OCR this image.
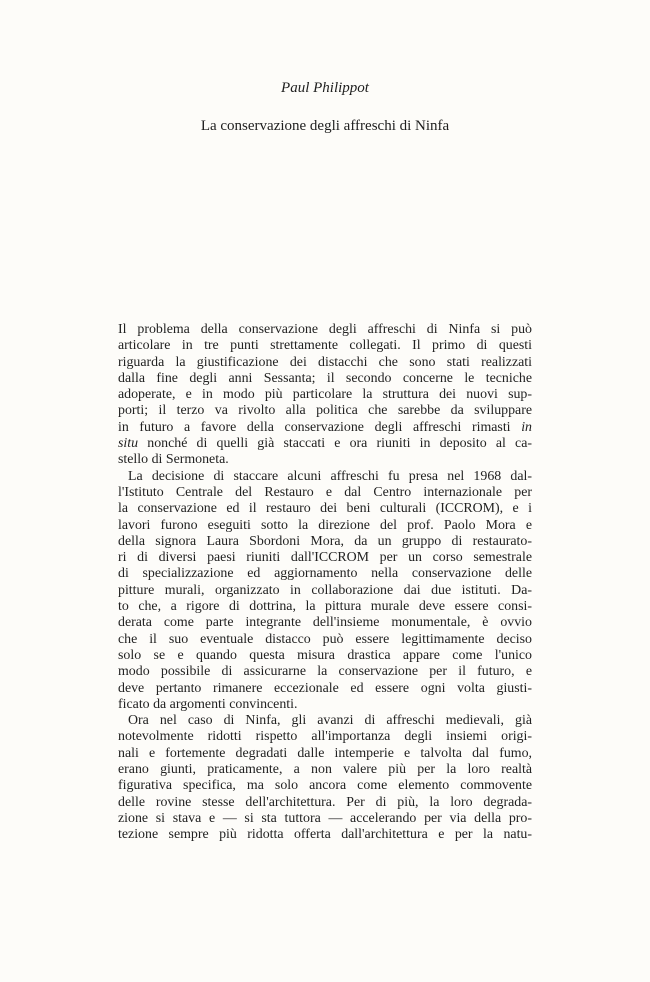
Paul Philippot
La conservazione degli affreschi di Ninfa
Il problema della conservazione degli affreschi di Ninfa si può
articolare in tre punti strettamente collegati. Il primo di questi
riguarda la giustificazione dei distacchi che sono stati realizzati
dalla fine degli anni Sessanta; il secondo concerne le tecniche
adoperate, e in modo più particolare la struttura dei nuovi sup-
porti; il terzo va rivolto alla politica che sarebbe da sviluppare
in futuro a favore della conservazione degli affreschi rimasti in
situ nonché di quelli già staccati e ora riuniti in deposito al ca-
stello di Sermoneta.
La decisione di staccare alcuni affreschi fu presa nel 1968 dal-
l'Istituto Centrale del Restauro e dal Centro internazionale per
la conservazione ed il restauro dei beni culturali (ICCROM), e i
lavori furono eseguiti sotto la direzione del prof. Paolo Mora e
della signora Laura Sbordoni Mora, da un gruppo di restaurato-
ri di diversi paesi riuniti dall'ICCROM per un corso semestrale
di specializzazione ed aggiornamento nella conservazione delle
pitture murali, organizzato in collaborazione dai due istituti. Da-
to che, a rigore di dottrina, la pittura murale deve essere consi-
derata come parte integrante dell'insieme monumentale, è ovvio
che il suo eventuale distacco può essere legittimamente deciso
solo se e quando questa misura drastica appare come l'unico
modo possibile di assicurarne la conservazione per il futuro, e
deve pertanto rimanere eccezionale ed essere ogni volta giusti-
ficato da argomenti convincenti.
Ora nel caso di Ninfa, gli avanzi di affreschi medievali, già
notevolmente ridotti rispetto all'importanza degli insiemi origi-
nali e fortemente degradati dalle intemperie e talvolta dal fumo,
erano giunti, praticamente, a non valere più per la loro realtà
figurativa specifica, ma solo ancora come elemento commovente
delle rovine stesse dell'architettura. Per di più, la loro degrada-
zione si stava e — si sta tuttora — accelerando per via della pro-
tezione sempre più ridotta offerta dall'architettura e per la natu-
